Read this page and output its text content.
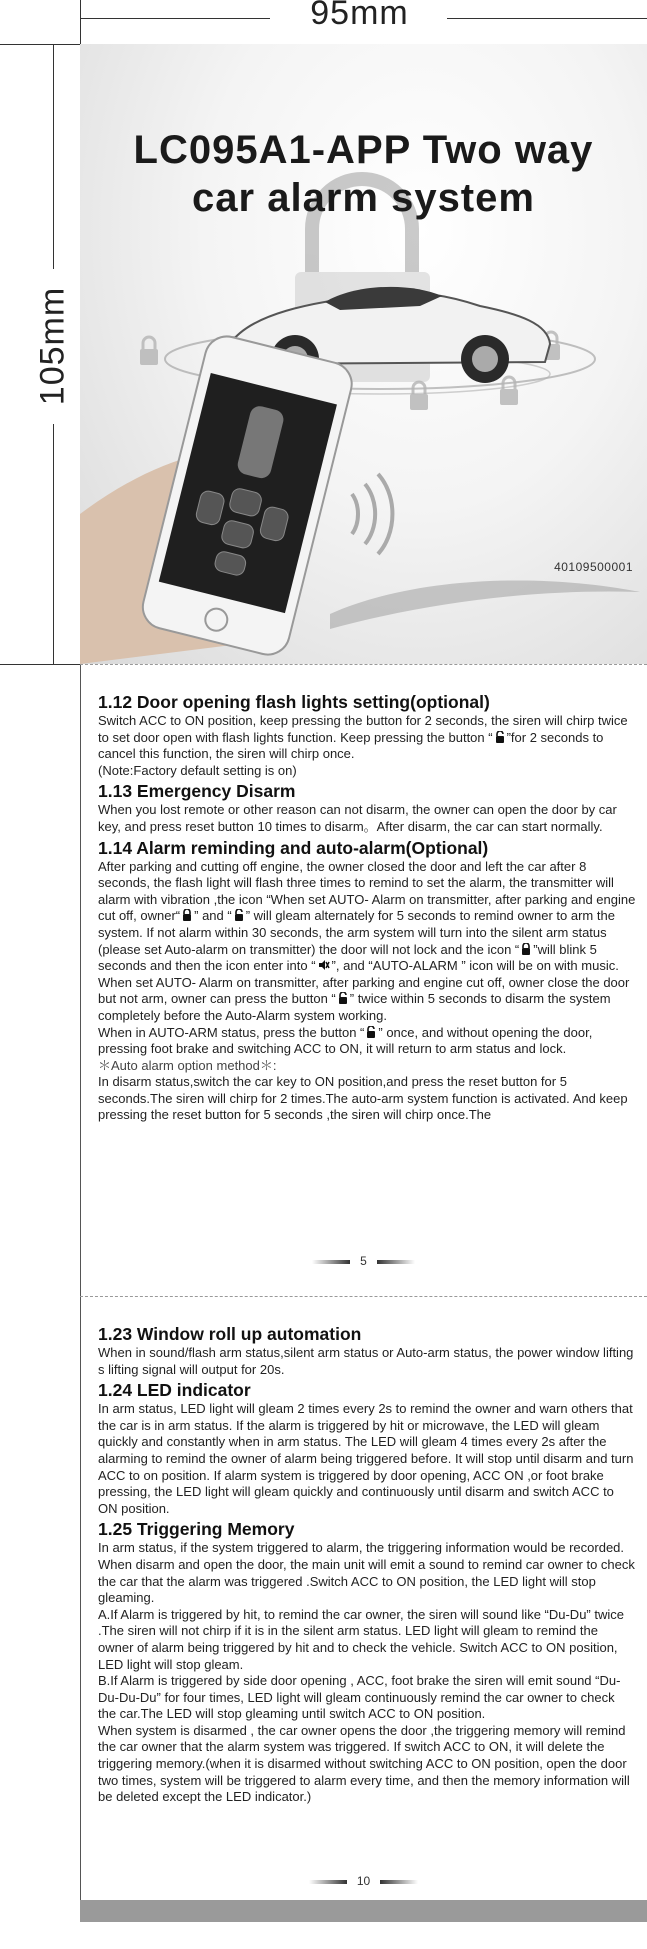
95mm
105mm
LC095A1-APP Two way
car alarm system
40109500001
1.12 Door opening flash lights setting(optional)

Switch ACC to ON position, keep pressing the button for 2 seconds, the siren will chirp twice to set door open with flash lights function. Keep pressing the button “ ”for 2 seconds to cancel this function, the siren will chirp once.

(Note:Factory default setting is on)

1.13 Emergency Disarm

When you lost remote or other reason can not disarm, the owner can open the door by car key, and press reset button 10 times to disarm。After disarm, the car can start normally.

1.14 Alarm reminding and auto-alarm(Optional)

After parking and cutting off engine, the owner closed the door and left the car after 8 seconds, the flash light will flash three times to remind to set the alarm, the transmitter will alarm with vibration ,the icon “When set AUTO- Alarm on transmitter, after parking and engine cut off, owner“ ” and “ ” will gleam alternately for 5 seconds to remind owner to arm the system. If not alarm within 30 seconds, the arm system will turn into the silent arm status (please set Auto-alarm on transmitter) the door will not lock and the icon “ ”will blink 5 seconds and then the icon enter into “ ”, and “AUTO-ALARM ” icon will be on with music.

When set AUTO- Alarm on transmitter, after parking and engine cut off, owner close the door but not arm, owner can press the button “ ” twice within 5 seconds to disarm the system completely before the Auto-Alarm system working.

When in AUTO-ARM status, press the button “ ” once, and without opening the door, pressing foot brake and switching ACC to ON, it will return to arm status and lock.

＊Auto alarm option method＊:

In disarm status,switch the car key to ON position,and press the reset button for 5 seconds.The siren will chirp for 2 times.The auto-arm system function is activated. And keep pressing the reset button for 5 seconds ,the siren will chirp once.The

5
1.23 Window roll up automation

When in sound/flash arm status,silent arm status or Auto-arm status, the power window lifting s lifting signal will output for 20s.

1.24 LED indicator

In arm status, LED light will gleam 2 times every 2s to remind the owner and warn others that the car is in arm status. If the alarm is triggered by hit or microwave, the LED will gleam quickly and constantly when in arm status. The LED will gleam 4 times every 2s after the alarming to remind the owner of alarm being triggered before. It will stop until disarm and turn ACC to on position. If alarm system is triggered by door opening, ACC ON ,or foot brake pressing, the LED light will gleam quickly and continuously until disarm and switch ACC to ON position.

1.25 Triggering Memory

In arm status, if the system triggered to alarm, the triggering information would be recorded. When disarm and open the door, the main unit will emit a sound to remind car owner to check the car that the alarm was triggered .Switch ACC to ON position, the LED light will stop gleaming.

A.If Alarm is triggered by hit, to remind the car owner, the siren will sound like “Du-Du” twice .The siren will not chirp if it is in the silent arm status. LED light will gleam to remind the owner of alarm being triggered by hit and to check the vehicle. Switch ACC to ON position, LED light will stop gleam.

B.If Alarm is triggered by side door opening , ACC, foot brake the siren will emit sound “Du-Du-Du-Du” for four times, LED light will gleam continuously remind the car owner to check the car.The LED will stop gleaming until switch ACC to ON position.

When system is disarmed , the car owner opens the door ,the triggering memory will remind the car owner that the alarm system was triggered. If switch ACC to ON, it will delete the triggering memory.(when it is disarmed without switching ACC to ON position, open the door two times, system will be triggered to alarm every time, and then the memory information will be deleted except the LED indicator.)

10
